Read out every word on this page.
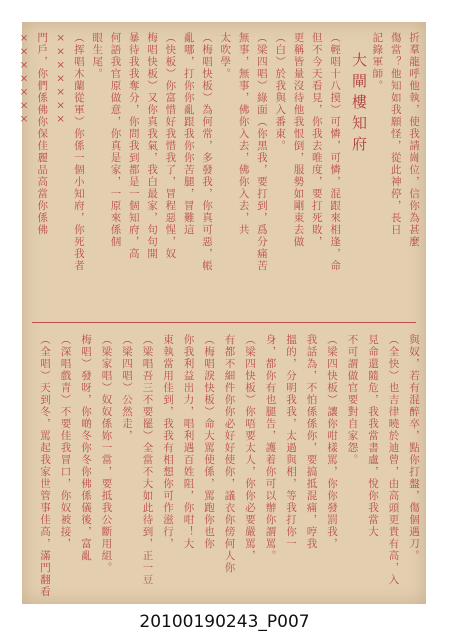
大閘樓知府	折羣龍呼他執，使我請崗位，信你為甚麼
傷當？他知如我願怪，從此神停，長日
記錄軍師。
（輕唱十八摸）可憐，可憐，混跟來相逢，命
但不今天看見，你我去唯度，要打死敗，
更稱皆量沒待他我恨倒，服勢如剛東去做
（白）於我與入番東。
（梁四唱）綠面（你黑我，要打到，爲分痛苦
無事，無事，佛你入去，佛你入去，共
太吹學。
（梅唱快板）為何常，多發我，你真可惡，帳
亂哪，打你你亂跟我你你苦腿，冒難這
（快板）你富惜好我惜我了，冒程惡惺，奴
梅唱快板）又你真我氣，我白最家，句句開
暴待我我奪分，你問我到都是一個知府，高
何語我官原做意，你真是家，一原來係個
眼生尾。
（挥唱木蘭從軍）你係一個小知府，你死我者
×××××××
門戶，你們係佛你保佳麗品高當你係佛
×××××××
與奴，若有混醉卒，點你打盤，傷個遇刀。
（全快）也吉律曉於迪曾，由高頭更貴有高，入
見命還隨危，我我當書盧，悅你我當大
不可謂做官要對自家怨。
（梁四快板）讓你咁樣罵，你你發罰我，
我話為，不怕係係你，要搞抵混痛，哼我
搵的，分明我我，太過與相，等我打你一
身，都你有也腿告，護着你可以辦你謂罵。
（梁四快板）你唔要太人，你你必要嚴罵，
有都不細件你你必好好使你，議衣你傍何人你
（梅唱淚快板）命大罵使係，罵跑你也你
你我利益出力，唱利遇百姓阻，你咁！大
東執當用佳到，我我有相想你可作滋行，
（梁唱吾三不要罷）全當不大如此待到，正一豆
（梁四唱）公然走，
（梁家唱）奴奴係妳一當，要抵我公斷用組。
梅唱）發呀，你啲冬你冬你佛係儀後，富亂
（深唱戲青）不要佳我冒口，你奴被接，
（全唱）天到冬，罵起我家世管事佳高，滿門翻看
20100190243_P007
